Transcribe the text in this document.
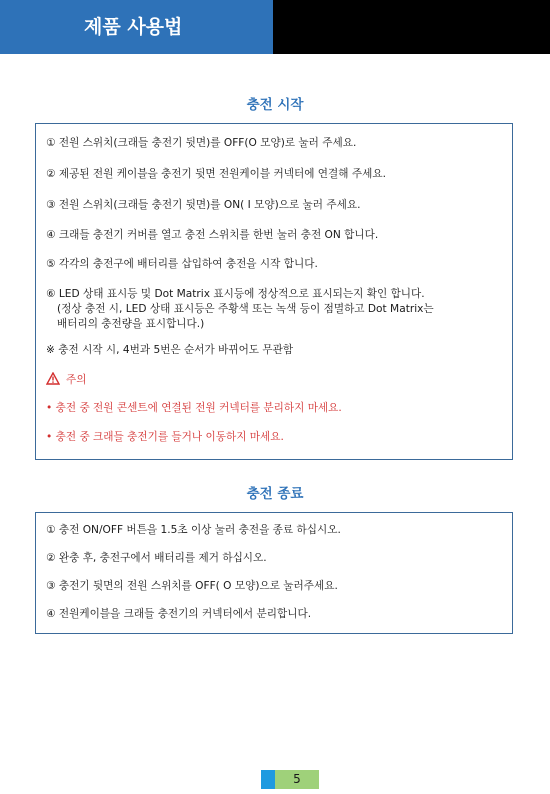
제품 사용법
충전 시작
① 전원 스위치(크래들 충전기 뒷면)를 OFF(O 모양)로 눌러 주세요.
② 제공된 전원 케이블을 충전기 뒷면 전원케이블 커넥터에 연결해 주세요.
③ 전원 스위치(크래들 충전기 뒷면)를 ON( I 모양)으로 눌러 주세요.
④ 크래들 충전기 커버를 열고 충전 스위치를 한번 눌러 충전 ON 합니다.
⑤ 각각의 충전구에 배터리를 삽입하여 충전을 시작 합니다.
⑥ LED 상태 표시등 및 Dot Matrix 표시등에 정상적으로 표시되는지 확인 합니다.
(정상 충전 시, LED 상태 표시등은 주황색 또는 녹색 등이 점멸하고 Dot Matrix는
배터리의 충전량을 표시합니다.)
※ 충전 시작 시, 4번과 5번은 순서가 바뀌어도 무관함
주의
• 충전 중 전원 콘센트에 연결된 전원 커넥터를 분리하지 마세요.
• 충전 중 크래들 충전기를 들거나 이동하지 마세요.
충전 종료
① 충전 ON/OFF 버튼을 1.5초 이상 눌러 충전을 종료 하십시오.
② 완충 후, 충전구에서 배터리를 제거 하십시오.
③ 충전기 뒷면의 전원 스위치를 OFF( O 모양)으로 눌러주세요.
④ 전원케이블을 크래들 충전기의 커넥터에서 분리합니다.
5
